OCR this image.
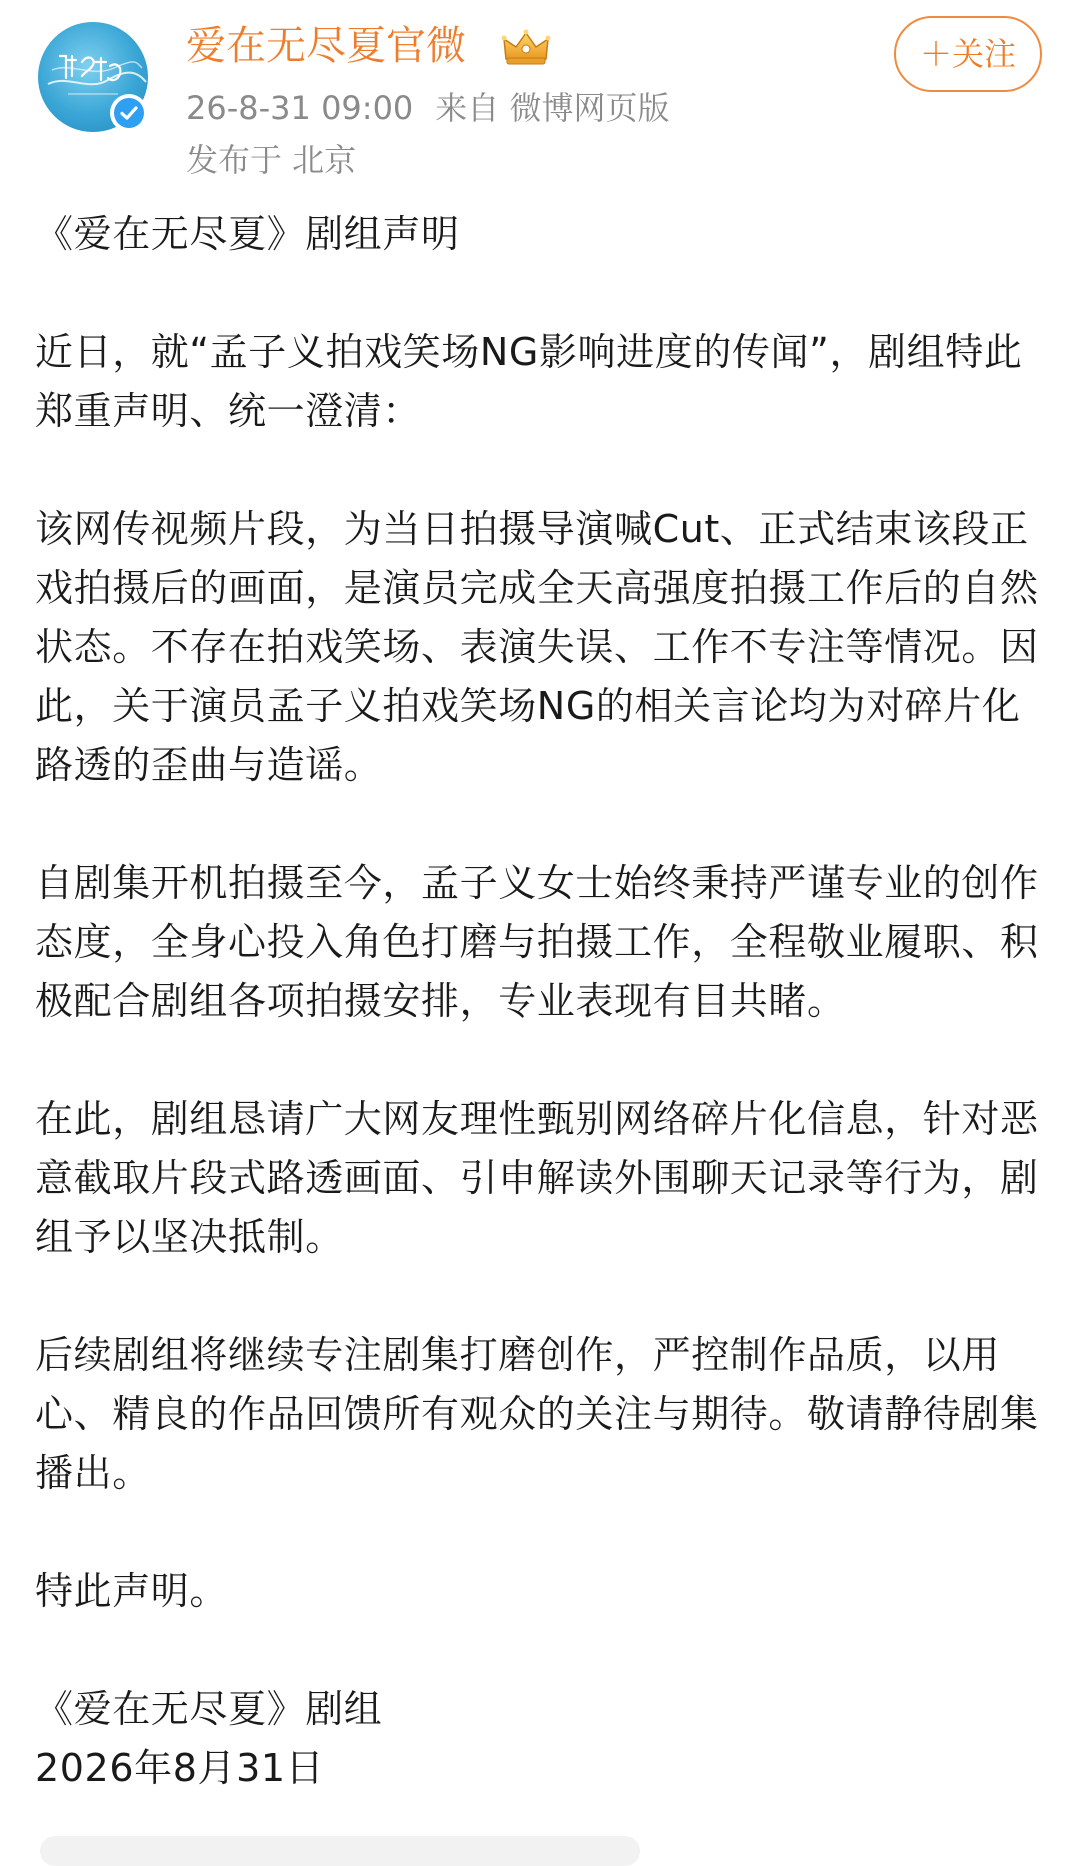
爱在无尽夏官微
26-8-31 09:00 来自 微博网页版
发布于 北京
＋关注

《爱在无尽夏》剧组声明

近日，就“孟子义拍戏笑场NG影响进度的传闻”，剧组特此郑重声明、统一澄清：

该网传视频片段，为当日拍摄导演喊Cut、正式结束该段正戏拍摄后的画面，是演员完成全天高强度拍摄工作后的自然状态。不存在拍戏笑场、表演失误、工作不专注等情况。因此，关于演员孟子义拍戏笑场NG的相关言论均为对碎片化路透的歪曲与造谣。

自剧集开机拍摄至今，孟子义女士始终秉持严谨专业的创作态度，全身心投入角色打磨与拍摄工作，全程敬业履职、积极配合剧组各项拍摄安排，专业表现有目共睹。

在此，剧组恳请广大网友理性甄别网络碎片化信息，针对恶意截取片段式路透画面、引申解读外围聊天记录等行为，剧组予以坚决抵制。

后续剧组将继续专注剧集打磨创作，严控制作品质，以用心、精良的作品回馈所有观众的关注与期待。敬请静待剧集播出。

特此声明。

《爱在无尽夏》剧组

2026年8月31日
